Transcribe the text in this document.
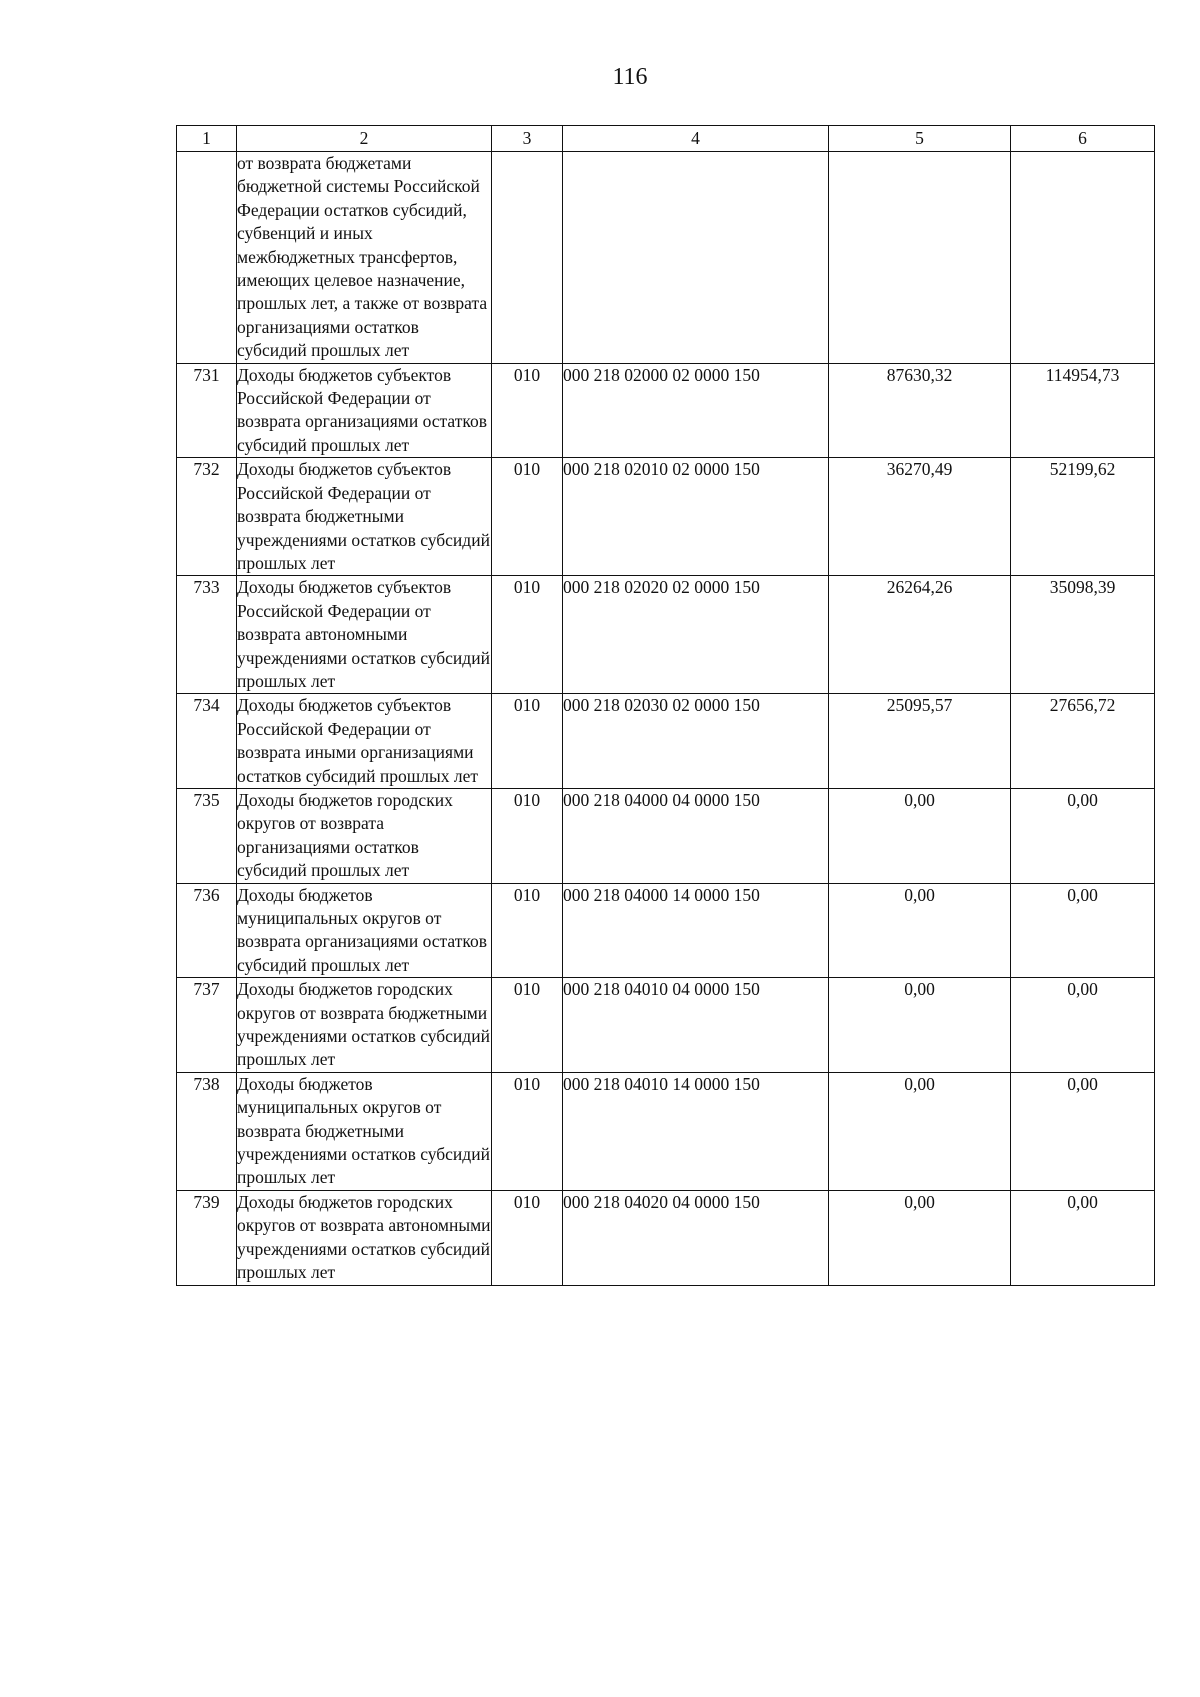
116
1	2	3	4	5	6
	от возврата бюджетами бюджетной системы Российской Федерации остатков субсидий, субвенций и иных межбюджетных трансфертов, имеющих целевое назначение, прошлых лет, а также от возврата организациями остатков субсидий прошлых лет				
731	Доходы бюджетов субъектов Российской Федерации от возврата организациями остатков субсидий прошлых лет	010	000 218 02000 02 0000 150	87630,32	114954,73
732	Доходы бюджетов субъектов Российской Федерации от возврата бюджетными учреждениями остатков субсидий прошлых лет	010	000 218 02010 02 0000 150	36270,49	52199,62
733	Доходы бюджетов субъектов Российской Федерации от возврата автономными учреждениями остатков субсидий прошлых лет	010	000 218 02020 02 0000 150	26264,26	35098,39
734	Доходы бюджетов субъектов Российской Федерации от возврата иными организациями остатков субсидий прошлых лет	010	000 218 02030 02 0000 150	25095,57	27656,72
735	Доходы бюджетов городских округов от возврата организациями остатков субсидий прошлых лет	010	000 218 04000 04 0000 150	0,00	0,00
736	Доходы бюджетов муниципальных округов от возврата организациями остатков субсидий прошлых лет	010	000 218 04000 14 0000 150	0,00	0,00
737	Доходы бюджетов городских округов от возврата бюджетными учреждениями остатков субсидий прошлых лет	010	000 218 04010 04 0000 150	0,00	0,00
738	Доходы бюджетов муниципальных округов от возврата бюджетными учреждениями остатков субсидий прошлых лет	010	000 218 04010 14 0000 150	0,00	0,00
739	Доходы бюджетов городских округов от возврата автономными учреждениями остатков субсидий прошлых лет	010	000 218 04020 04 0000 150	0,00	0,00
